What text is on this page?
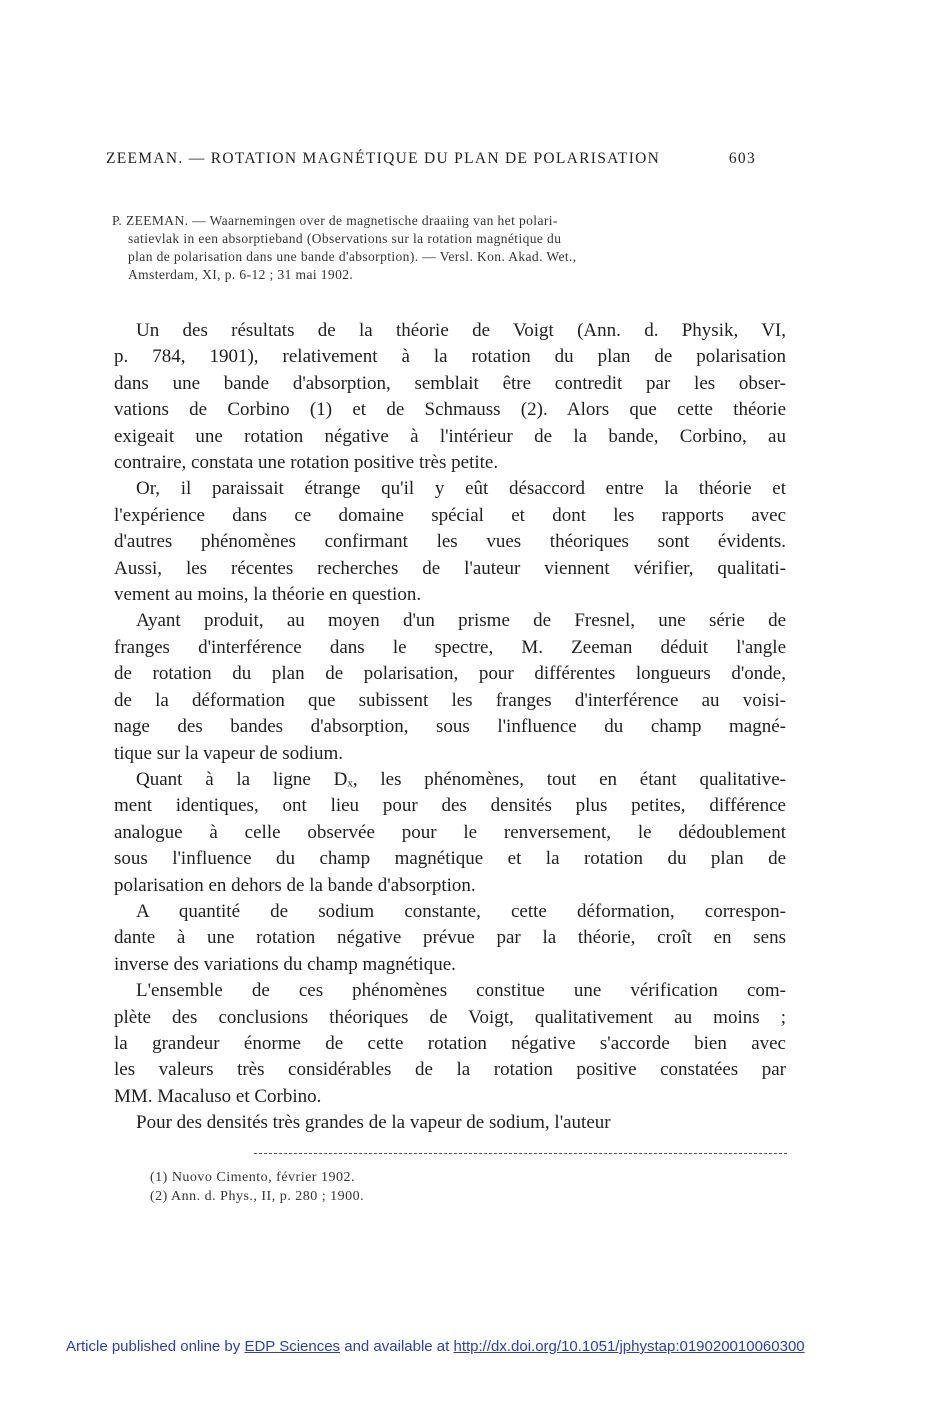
ZEEMAN. — ROTATION MAGNÉTIQUE DU PLAN DE POLARISATION	603
P. ZEEMAN. — Waarnemingen over de magnetische draaiing van het polari-
satievlak in een absorptieband (Observations sur la rotation magnétique du
plan de polarisation dans une bande d'absorption). — Versl. Kon. Akad. Wet.,
Amsterdam, XI, p. 6-12 ; 31 mai 1902.
Un des résultats de la théorie de Voigt (Ann. d. Physik, VI,
p. 784, 1901), relativement à la rotation du plan de polarisation
dans une bande d'absorption, semblait être contredit par les obser-
vations de Corbino (1) et de Schmauss (2). Alors que cette théorie
exigeait une rotation négative à l'intérieur de la bande, Corbino, au
contraire, constata une rotation positive très petite.
Or, il paraissait étrange qu'il y eût désaccord entre la théorie et
l'expérience dans ce domaine spécial et dont les rapports avec
d'autres phénomènes confirmant les vues théoriques sont évidents.
Aussi, les récentes recherches de l'auteur viennent vérifier, qualitati-
vement au moins, la théorie en question.
Ayant produit, au moyen d'un prisme de Fresnel, une série de
franges d'interférence dans le spectre, M. Zeeman déduit l'angle
de rotation du plan de polarisation, pour différentes longueurs d'onde,
de la déformation que subissent les franges d'interférence au voisi-
nage des bandes d'absorption, sous l'influence du champ magné-
tique sur la vapeur de sodium.
Quant à la ligne Dₓ, les phénomènes, tout en étant qualitative-
ment identiques, ont lieu pour des densités plus petites, différence
analogue à celle observée pour le renversement, le dédoublement
sous l'influence du champ magnétique et la rotation du plan de
polarisation en dehors de la bande d'absorption.
A quantité de sodium constante, cette déformation, correspon-
dante à une rotation négative prévue par la théorie, croît en sens
inverse des variations du champ magnétique.
L'ensemble de ces phénomènes constitue une vérification com-
plète des conclusions théoriques de Voigt, qualitativement au moins ;
la grandeur énorme de cette rotation négative s'accorde bien avec
les valeurs très considérables de la rotation positive constatées par
MM. Macaluso et Corbino.
Pour des densités très grandes de la vapeur de sodium, l'auteur
(1) Nuovo Cimento, février 1902.
(2) Ann. d. Phys., II, p. 280 ; 1900.
Article published online by EDP Sciences and available at http://dx.doi.org/10.1051/jphystap:019020010060300
